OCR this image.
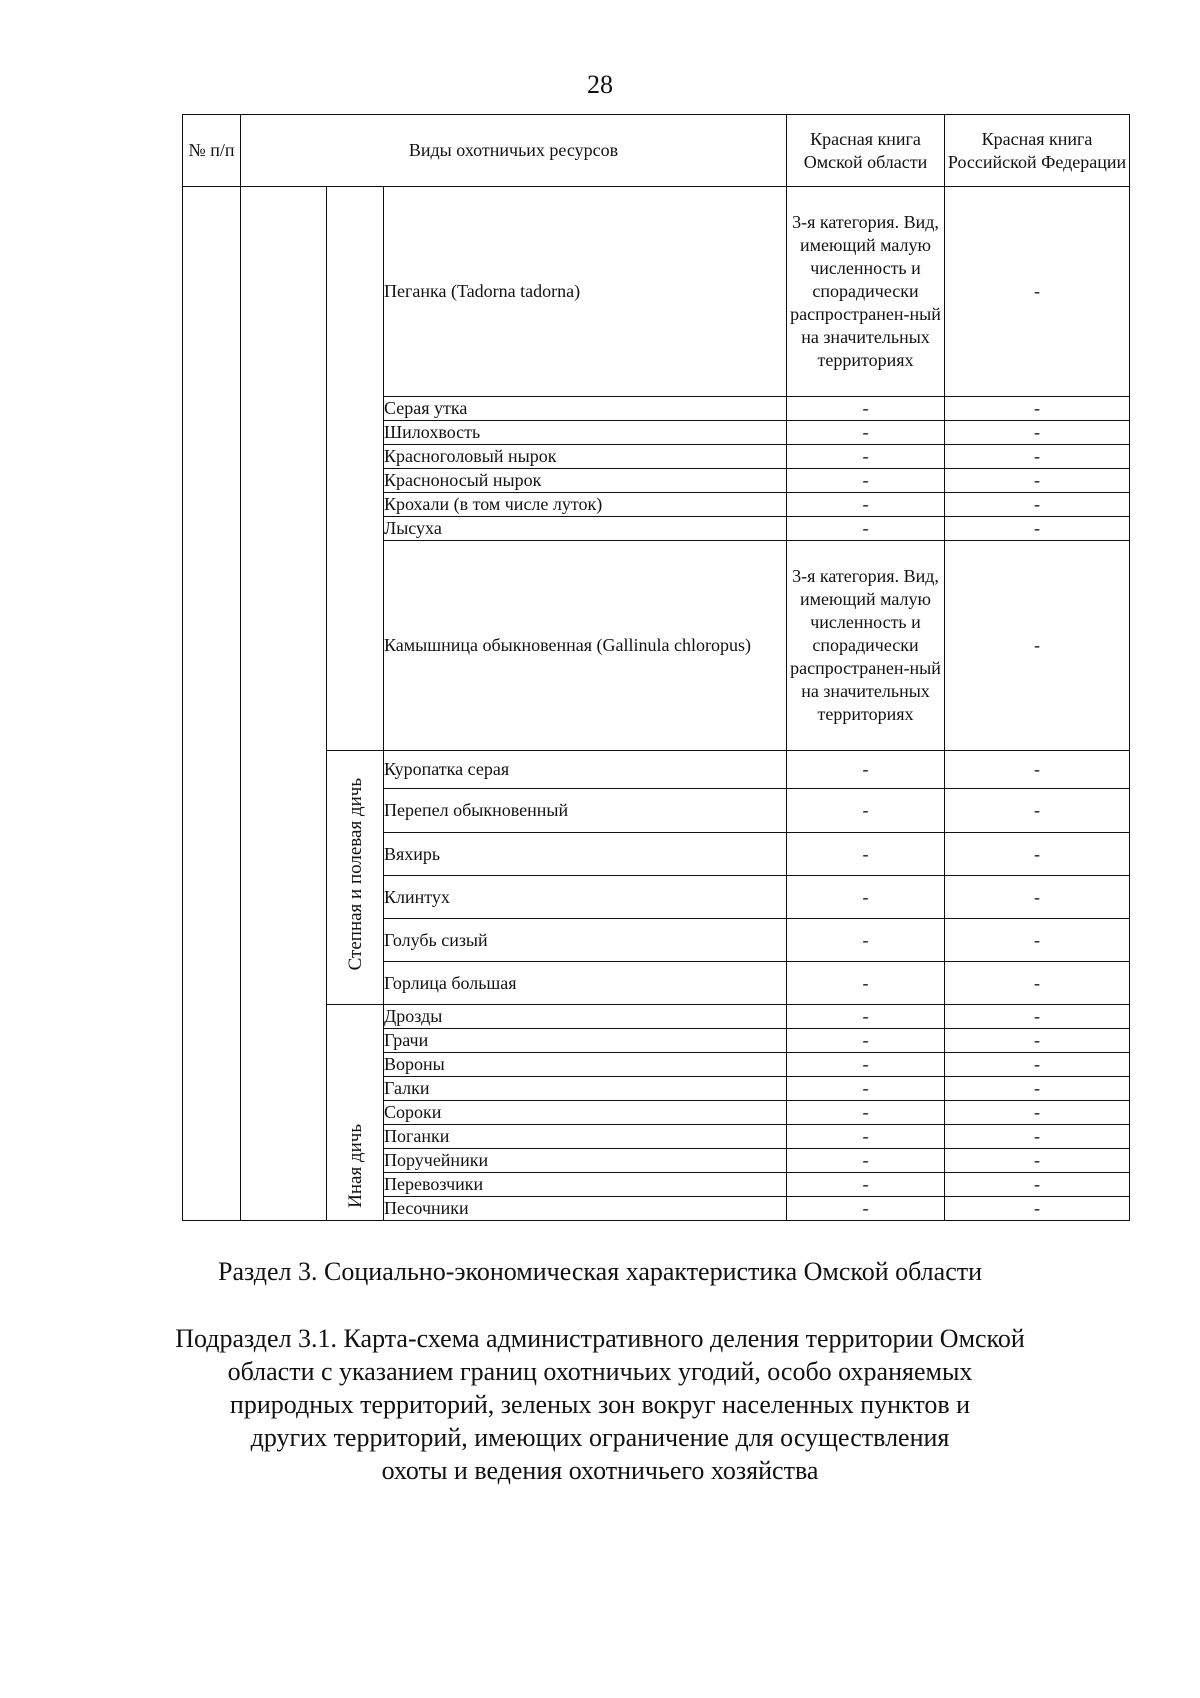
28
№ п/п	Виды охотничьих ресурсов			Красная книга Омской области	Красная книга Российской Федерации
			Пеганка (Tadorna tadorna)	3-я категория. Вид, имеющий малую численность и спорадически распространен-ный на значительных территориях	-
			Серая утка	-	-
			Шилохвость	-	-
			Красноголовый нырок	-	-
			Красноносый нырок	-	-
			Крохали (в том числе луток)	-	-
			Лысуха	-	-
			Камышница обыкновенная (Gallinula chloropus)	3-я категория. Вид, имеющий малую численность и спорадически распространен-ный на значительных территориях	-
		Степная и полевая дичь	Куропатка серая	-	-
			Перепел обыкновенный	-	-
			Вяхирь	-	-
			Клинтух	-	-
			Голубь сизый	-	-
			Горлица большая	-	-
		Иная дичь	Дрозды	-	-
			Грачи	-	-
			Вороны	-	-
			Галки	-	-
			Сороки	-	-
			Поганки	-	-
			Поручейники	-	-
			Перевозчики	-	-
			Песочники	-	-
Раздел 3. Социально-экономическая характеристика Омской области
Подраздел 3.1. Карта-схема административного деления территории Омской
области с указанием границ охотничьих угодий, особо охраняемых
природных территорий, зеленых зон вокруг населенных пунктов и
других территорий, имеющих ограничение для осуществления
охоты и ведения охотничьего хозяйства
